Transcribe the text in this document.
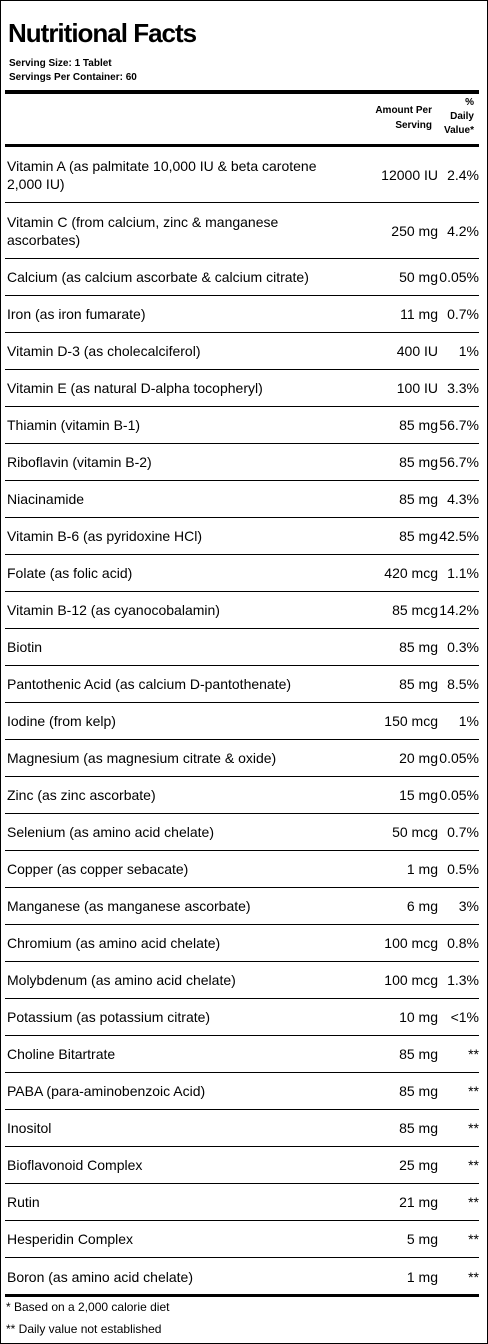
Nutritional Facts
Serving Size: 1 Tablet
Servings Per Container: 60
Amount Per
Serving
%
Daily
Value*
Vitamin A (as palmitate 10,000 IU & beta carotene 2,000 IU)
12000 IU 2.4%
Vitamin C (from calcium, zinc & manganese ascorbates)
250 mg 4.2%
Calcium (as calcium ascorbate & calcium citrate)	50 mg 0.05%
Iron (as iron fumarate)	11 mg 0.7%
Vitamin D-3 (as cholecalciferol)	400 IU 1%
Vitamin E (as natural D-alpha tocopheryl)	100 IU 3.3%
Thiamin (vitamin B-1)	85 mg 56.7%
Riboflavin (vitamin B-2)	85 mg 56.7%
Niacinamide	85 mg 4.3%
Vitamin B-6 (as pyridoxine HCl)	85 mg 42.5%
Folate (as folic acid)	420 mcg 1.1%
Vitamin B-12 (as cyanocobalamin)	85 mcg 14.2%
Biotin	85 mg 0.3%
Pantothenic Acid (as calcium D-pantothenate)	85 mg 8.5%
Iodine (from kelp)	150 mcg 1%
Magnesium (as magnesium citrate & oxide)	20 mg 0.05%
Zinc (as zinc ascorbate)	15 mg 0.05%
Selenium (as amino acid chelate)	50 mcg 0.7%
Copper (as copper sebacate)	1 mg 0.5%
Manganese (as manganese ascorbate)	6 mg 3%
Chromium (as amino acid chelate)	100 mcg 0.8%
Molybdenum (as amino acid chelate)	100 mcg 1.3%
Potassium (as potassium citrate)	10 mg <1%
Choline Bitartrate	85 mg **
PABA (para-aminobenzoic Acid)	85 mg **
Inositol	85 mg **
Bioflavonoid Complex	25 mg **
Rutin	21 mg **
Hesperidin Complex	5 mg **
Boron (as amino acid chelate)	1 mg **
* Based on a 2,000 calorie diet
** Daily value not established
